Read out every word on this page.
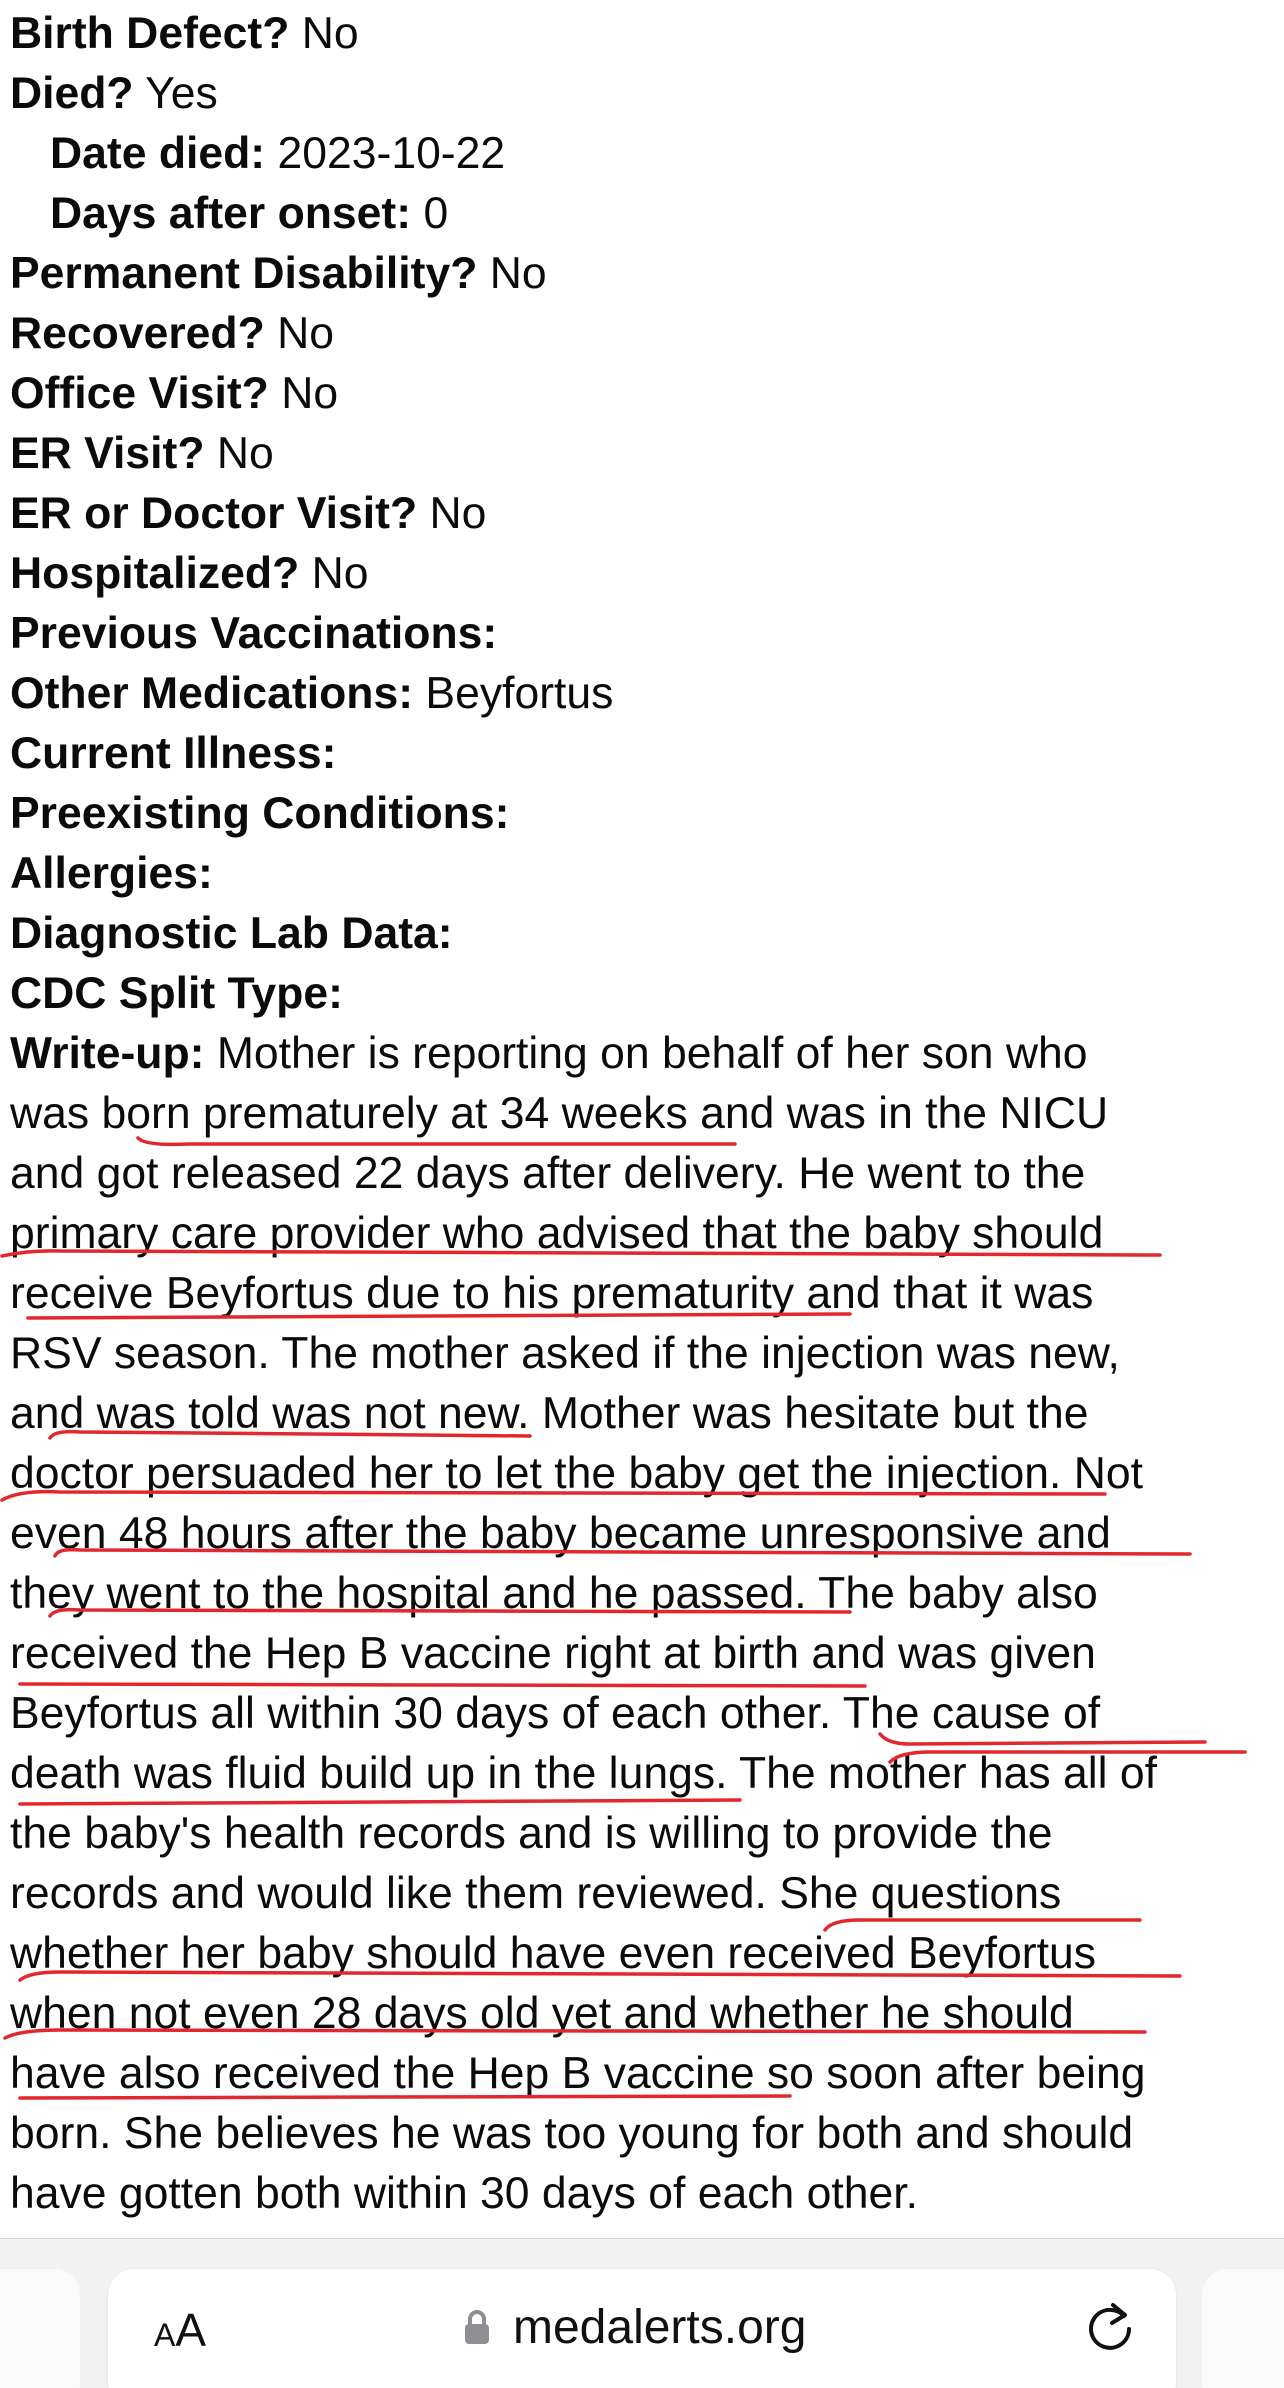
Birth Defect? No
Died? Yes
Date died: 2023-10-22
Days after onset: 0
Permanent Disability? No
Recovered? No
Office Visit? No
ER Visit? No
ER or Doctor Visit? No
Hospitalized? No
Previous Vaccinations:
Other Medications: Beyfortus
Current Illness:
Preexisting Conditions:
Allergies:
Diagnostic Lab Data:
CDC Split Type:
Write-up: Mother is reporting on behalf of her son who
was born prematurely at 34 weeks and was in the NICU
and got released 22 days after delivery. He went to the
primary care provider who advised that the baby should
receive Beyfortus due to his prematurity and that it was
RSV season. The mother asked if the injection was new,
and was told was not new. Mother was hesitate but the
doctor persuaded her to let the baby get the injection. Not
even 48 hours after the baby became unresponsive and
they went to the hospital and he passed. The baby also
received the Hep B vaccine right at birth and was given
Beyfortus all within 30 days of each other. The cause of
death was fluid build up in the lungs. The mother has all of
the baby's health records and is willing to provide the
records and would like them reviewed. She questions
whether her baby should have even received Beyfortus
when not even 28 days old yet and whether he should
have also received the Hep B vaccine so soon after being
born. She believes he was too young for both and should
have gotten both within 30 days of each other.
AA	medalerts.org
